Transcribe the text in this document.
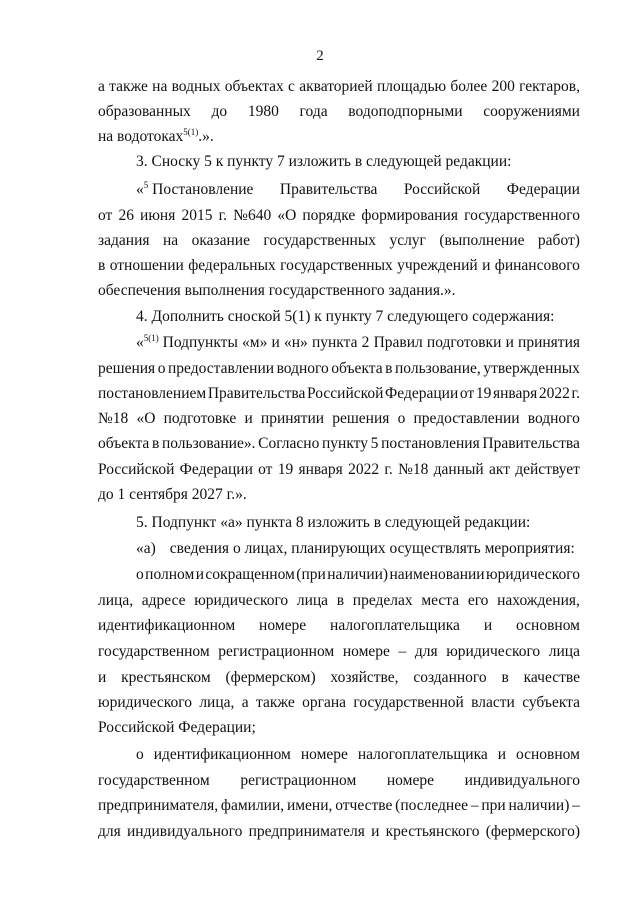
2
а также на водных объектах с акваторией площадью более 200 гектаров,
образованных до 1980 года водоподпорными сооружениями
на водотоках$^{5(1)}$.».
3. Сноску 5 к пункту 7 изложить в следующей редакции:
«$^5$ Постановление Правительства Российской Федерации
от 26 июня 2015 г. №640 «О порядке формирования государственного
задания на оказание государственных услуг (выполнение работ)
в отношении федеральных государственных учреждений и финансового
обеспечения выполнения государственного задания.».
4. Дополнить сноской 5(1) к пункту 7 следующего содержания:
«$^{5(1)}$ Подпункты «м» и «н» пункта 2 Правил подготовки и принятия
решения о предоставлении водного объекта в пользование, утвержденных
постановлением Правительства Российской Федерации от 19 января 2022 г.
№18 «О подготовке и принятии решения о предоставлении водного
объекта в пользование». Согласно пункту 5 постановления Правительства
Российской Федерации от 19 января 2022 г. №18 данный акт действует
до 1 сентября 2027 г.».
5. Подпункт «а» пункта 8 изложить в следующей редакции:
«а) сведения о лицах, планирующих осуществлять мероприятия:
о полном и сокращенном (при наличии) наименовании юридического
лица, адресе юридического лица в пределах места его нахождения,
идентификационном номере налогоплательщика и основном
государственном регистрационном номере – для юридического лица
и крестьянском (фермерском) хозяйстве, созданного в качестве
юридического лица, а также органа государственной власти субъекта
Российской Федерации;
о идентификационном номере налогоплательщика и основном
государственном регистрационном номере индивидуального
предпринимателя, фамилии, имени, отчестве (последнее – при наличии) –
для индивидуального предпринимателя и крестьянского (фермерского)
